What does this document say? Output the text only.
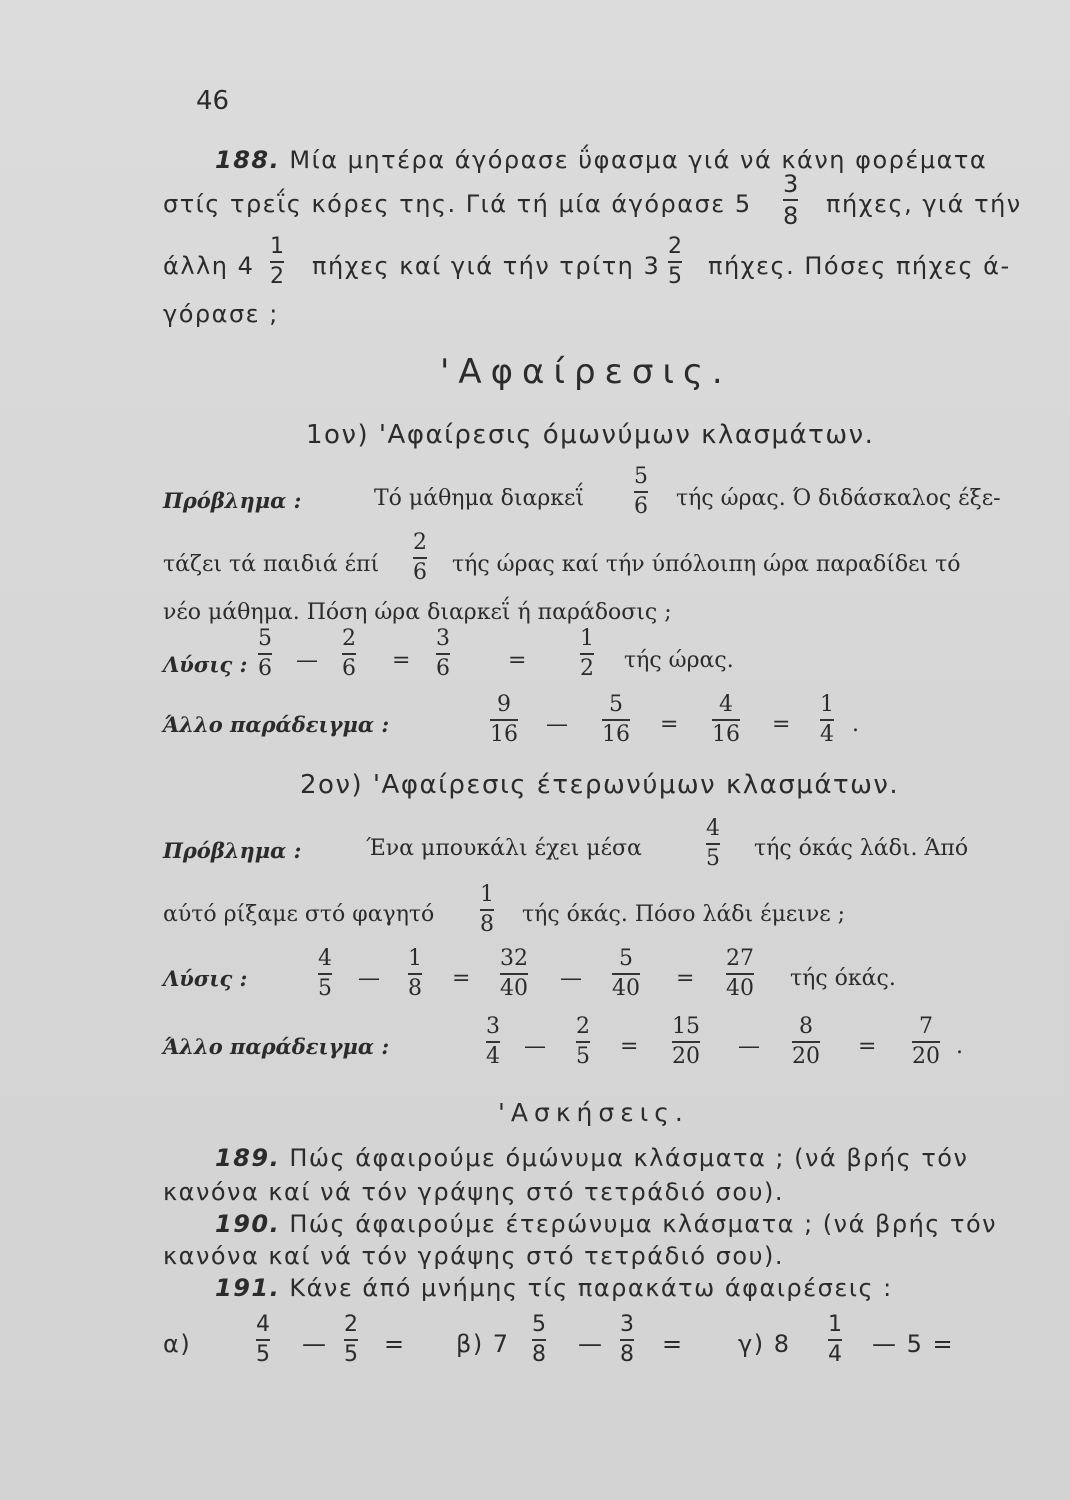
46
188. Μία μητέρα άγόρασε ΰφασμα γιά νά κάνη φορέματα
στίς τρεΐς κόρες της. Γιά τή μία άγόρασε 5
3
8 πήχες, γιά τήν
άλλη 4
1
2 πήχες καί γιά τήν τρίτη 3
2
5 πήχες. Πόσες πήχες ά-
γόρασε ;
'Αφαίρεσις.
1ον) 'Αφαίρεσις όμωνύμων κλασμάτων.
Πρόβλημα :	Τό μάθημα διαρκεΐ
5
6 τής ώρας. Ό διδάσκαλος έξε-
τάζει τά παιδιά έπί
2
6 τής ώρας καί τήν ύπόλοιπη ώρα παραδίδει τό
νέο μάθημα. Πόση ώρα διαρκεΐ ή παράδοσις ;
Λύσις :
5
6 —
2
6 =
3
6	=
1
2 τής ώρας.
Άλλο παράδειγμα :
9
16 —
5
16 =
4
16 =
1
4 .
2ον) 'Αφαίρεσις έτερωνύμων κλασμάτων.
Πρόβλημα :	Ένα μπουκάλι έχει μέσα
4
5 τής όκάς λάδι. Άπό
αύτό ρίξαμε στό φαγητό
1
8 τής όκάς. Πόσο λάδι έμεινε ;
Λύσις :
4
5 —
1
8 =
32
40 —
5
40 =
27
40 τής όκάς.
Άλλο παράδειγμα :
3
4 —
2
5 =
15
20 —
8
20 =
7
20 .
'Ασκήσεις.
189. Πώς άφαιρούμε όμώνυμα κλάσματα ; (νά βρής τόν
κανόνα καί νά τόν γράψης στό τετράδιό σου).
190. Πώς άφαιρούμε έτερώνυμα κλάσματα ; (νά βρής τόν
κανόνα καί νά τόν γράψης στό τετράδιό σου).
191. Κάνε άπό μνήμης τίς παρακάτω άφαιρέσεις :
α)
4
5 —
2
5 = β) 7
5
8 —
3
8 = γ) 8
1
4 — 5 =
